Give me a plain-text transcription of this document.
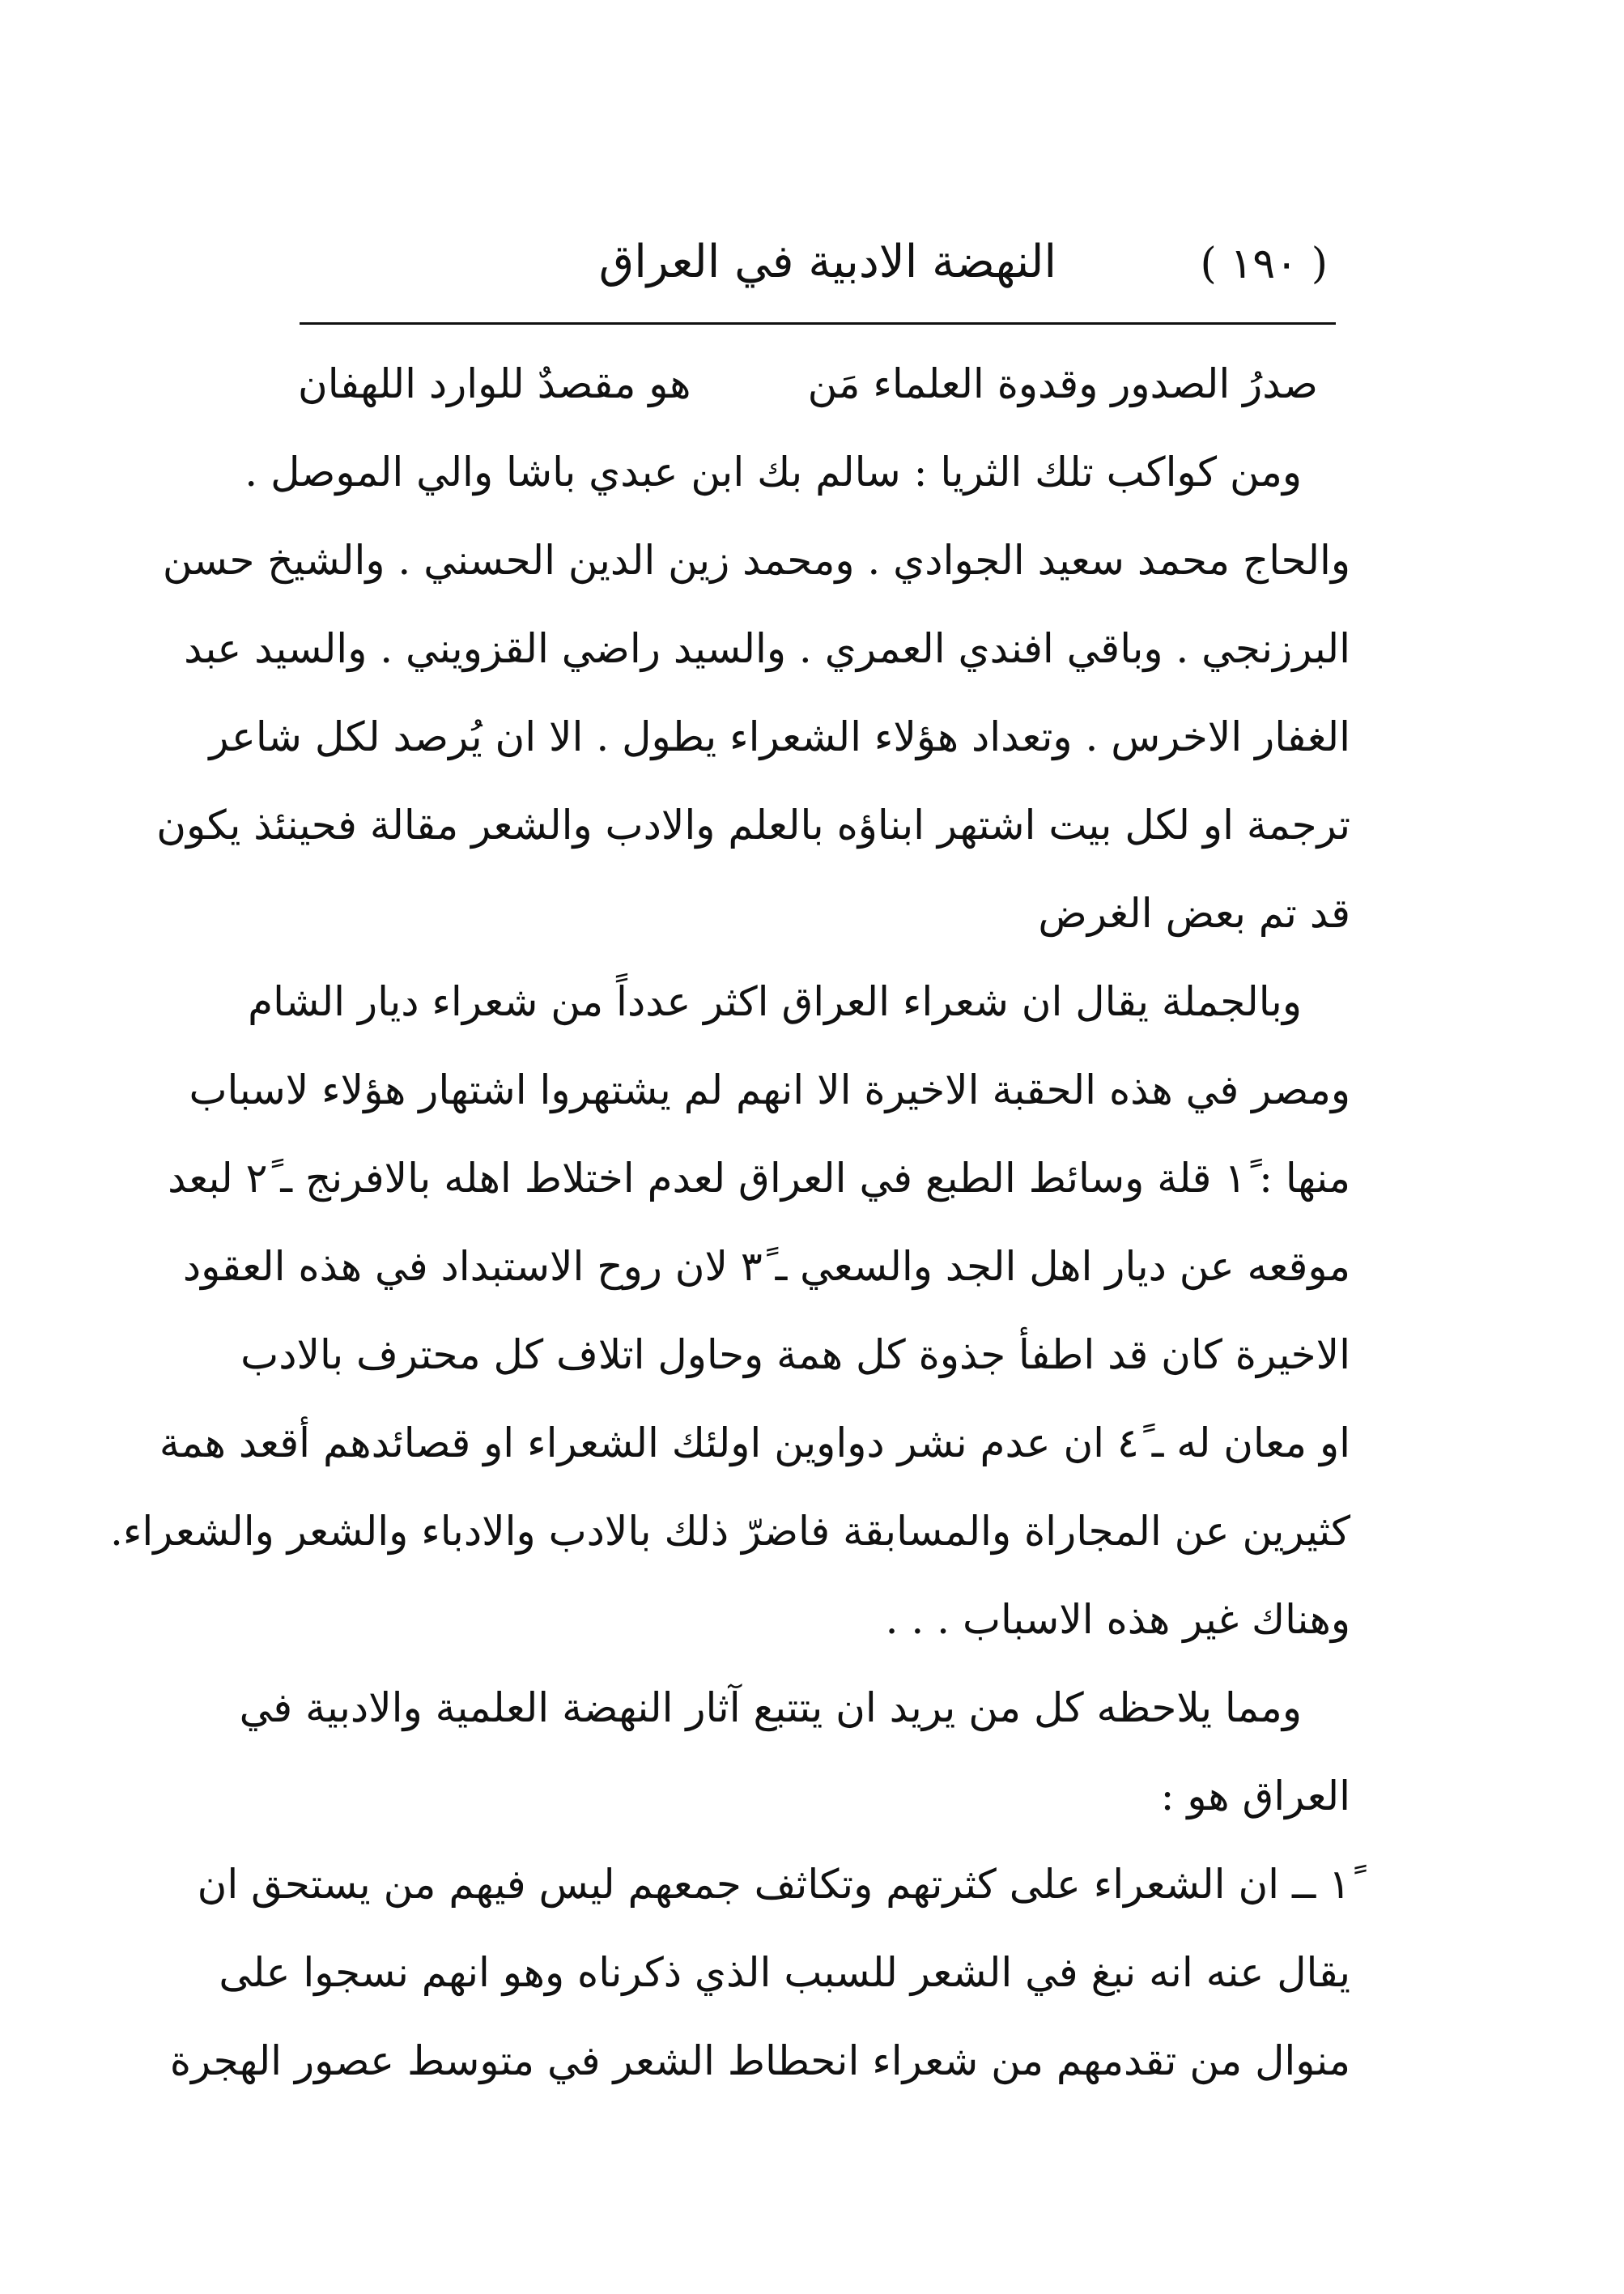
( ١٩٠ )
النهضة الادبية في العراق
صدرُ الصدور وقدوة العلماء مَن
هو مقصدٌ للوارد اللهفان
ومن كواكب تلك الثريا : سالم بك ابن عبدي باشا والي الموصل .
والحاج محمد سعيد الجوادي . ومحمد زين الدين الحسني . والشيخ حسن
البرزنجي . وباقي افندي العمري . والسيد راضي القزويني . والسيد عبد
الغفار الاخرس . وتعداد هؤلاء الشعراء يطول . الا ان يُرصد لكل شاعر
ترجمة او لكل بيت اشتهر ابناؤه بالعلم والادب والشعر مقالة فحينئذ يكون
قد تم بعض الغرض
وبالجملة يقال ان شعراء العراق اكثر عدداً من شعراء ديار الشام
ومصر في هذه الحقبة الاخيرة الا انهم لم يشتهروا اشتهار هؤلاء لاسباب
منها : ١ً قلة وسائط الطبع في العراق لعدم اختلاط اهله بالافرنج ـ ٢ً لبعد
موقعه عن ديار اهل الجد والسعي ـ ٣ً لان روح الاستبداد في هذه العقود
الاخيرة كان قد اطفأ جذوة كل همة وحاول اتلاف كل محترف بالادب
او معان له ـ ٤ً ان عدم نشر دواوين اولئك الشعراء او قصائدهم أقعد همة
كثيرين عن المجاراة والمسابقة فاضرّ ذلك بالادب والادباء والشعر والشعراء.
وهناك غير هذه الاسباب . . .
ومما يلاحظه كل من يريد ان يتتبع آثار النهضة العلمية والادبية في
العراق هو :
١ً ــ ان الشعراء على كثرتهم وتكاثف جمعهم ليس فيهم من يستحق ان
يقال عنه انه نبغ في الشعر للسبب الذي ذكرناه وهو انهم نسجوا على
منوال من تقدمهم من شعراء انحطاط الشعر في متوسط عصور الهجرة
